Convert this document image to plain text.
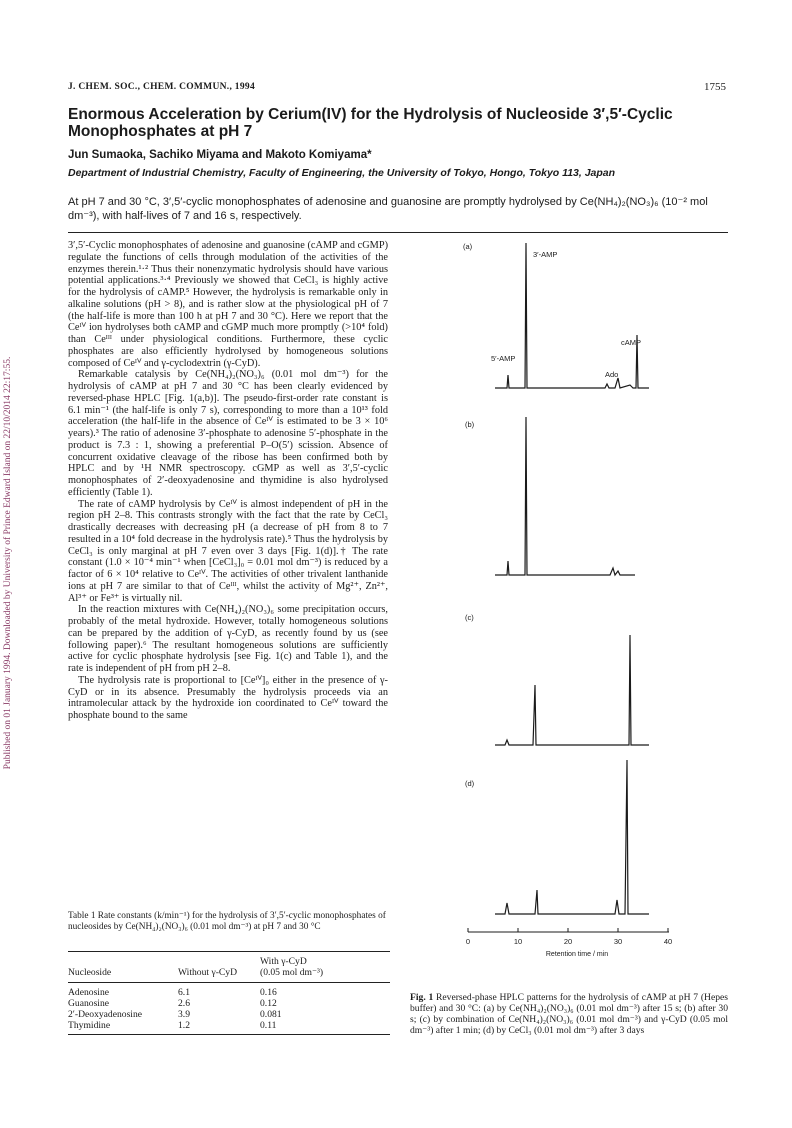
Published on 01 January 1994. Downloaded by University of Prince Edward Island on 22/10/2014 22:17:55.
J. CHEM. SOC., CHEM. COMMUN., 1994	1755
Enormous Acceleration by Cerium(IV) for the Hydrolysis of Nucleoside 3′,5′-Cyclic Monophosphates at pH 7
Jun Sumaoka, Sachiko Miyama and Makoto Komiyama*
Department of Industrial Chemistry, Faculty of Engineering, the University of Tokyo, Hongo, Tokyo 113, Japan
At pH 7 and 30 °C, 3′,5′-cyclic monophosphates of adenosine and guanosine are promptly hydrolysed by Ce(NH₄)₂(NO₃)₆ (10⁻² mol dm⁻³), with half-lives of 7 and 16 s, respectively.

3′,5′-Cyclic monophosphates of adenosine and guanosine (cAMP and cGMP) regulate the functions of cells through modulation of the activities of the enzymes therein.¹·² Thus their nonenzymatic hydrolysis should have various potential applications.³·⁴ Previously we showed that CeCl₃ is highly active for the hydrolysis of cAMP.⁵ However, the hydrolysis is remarkable only in alkaline solutions (pH > 8), and is rather slow at the physiological pH of 7 (the half-life is more than 100 h at pH 7 and 30 °C). Here we report that the Ceᴵⱽ ion hydrolyses both cAMP and cGMP much more promptly (>10⁴ fold) than Ceᴵᴵᴵ under physiological conditions. Furthermore, these cyclic phosphates are also efficiently hydrolysed by homogeneous solutions composed of Ceᴵⱽ and γ-cyclodextrin (γ-CyD).

Remarkable catalysis by Ce(NH₄)₂(NO₃)₆ (0.01 mol dm⁻³) for the hydrolysis of cAMP at pH 7 and 30 °C has been clearly evidenced by reversed-phase HPLC [Fig. 1(a,b)]. The pseudo-first-order rate constant is 6.1 min⁻¹ (the half-life is only 7 s), corresponding to more than a 10¹³ fold acceleration (the half-life in the absence of Ceᴵⱽ is estimated to be 3 × 10⁶ years).³ The ratio of adenosine 3′-phosphate to adenosine 5′-phosphate in the product is 7.3 : 1, showing a preferential P–O(5′) scission. Absence of concurrent oxidative cleavage of the ribose has been confirmed both by HPLC and by ¹H NMR spectroscopy. cGMP as well as 3′,5′-cyclic monophosphates of 2′-deoxyadenosine and thymidine is also hydrolysed efficiently (Table 1).

The rate of cAMP hydrolysis by Ceᴵⱽ is almost independent of pH in the region pH 2–8. This contrasts strongly with the fact that the rate by CeCl₃ drastically decreases with decreasing pH (a decrease of pH from 8 to 7 resulted in a 10⁴ fold decrease in the hydrolysis rate).⁵ Thus the hydrolysis by CeCl₃ is only marginal at pH 7 even over 3 days [Fig. 1(d)].† The rate constant (1.0 × 10⁻⁴ min⁻¹ when [CeCl₃]₀ = 0.01 mol dm⁻³) is reduced by a factor of 6 × 10⁴ relative to Ceᴵⱽ. The activities of other trivalent lanthanide ions at pH 7 are similar to that of Ceᴵᴵᴵ, whilst the activity of Mg²⁺, Zn²⁺, Al³⁺ or Fe³⁺ is virtually nil.

In the reaction mixtures with Ce(NH₄)₂(NO₃)₆ some precipitation occurs, probably of the metal hydroxide. However, totally homogeneous solutions can be prepared by the addition of γ-CyD, as recently found by us (see following paper).⁶ The resultant homogeneous solutions are sufficiently active for cyclic phosphate hydrolysis [see Fig. 1(c) and Table 1), and the rate is independent of pH from pH 2–8.

The hydrolysis rate is proportional to [Ceᴵⱽ]₀ either in the presence of γ-CyD or in its absence. Presumably the hydrolysis proceeds via an intramolecular attack by the hydroxide ion coordinated to Ceᴵⱽ toward the phosphate bound to the same

Table 1 Rate constants (k/min⁻¹) for the hydrolysis of 3′,5′-cyclic monophosphates of nucleosides by Ce(NH₄)₂(NO₃)₆ (0.01 mol dm⁻³) at pH 7 and 30 °C
		With γ-CyD
Nucleoside	Without γ-CyD	(0.05 mol dm⁻³)
Adenosine	6.1	0.16
Guanosine	2.6	0.12
2′-Deoxyadenosine	3.9	0.081
Thymidine	1.2	0.11
(a)
3′-AMP
cAMP
5′-AMP
Ado
(b)
(c)
(d)
0	10	20	30	40
Retention time / min
Fig. 1 Reversed-phase HPLC patterns for the hydrolysis of cAMP at pH 7 (Hepes buffer) and 30 °C: (a) by Ce(NH₄)₂(NO₃)₆ (0.01 mol dm⁻³) after 15 s; (b) after 30 s; (c) by combination of Ce(NH₄)₂(NO₃)₆ (0.01 mol dm⁻³) and γ-CyD (0.05 mol dm⁻³) after 1 min; (d) by CeCl₃ (0.01 mol dm⁻³) after 3 days
